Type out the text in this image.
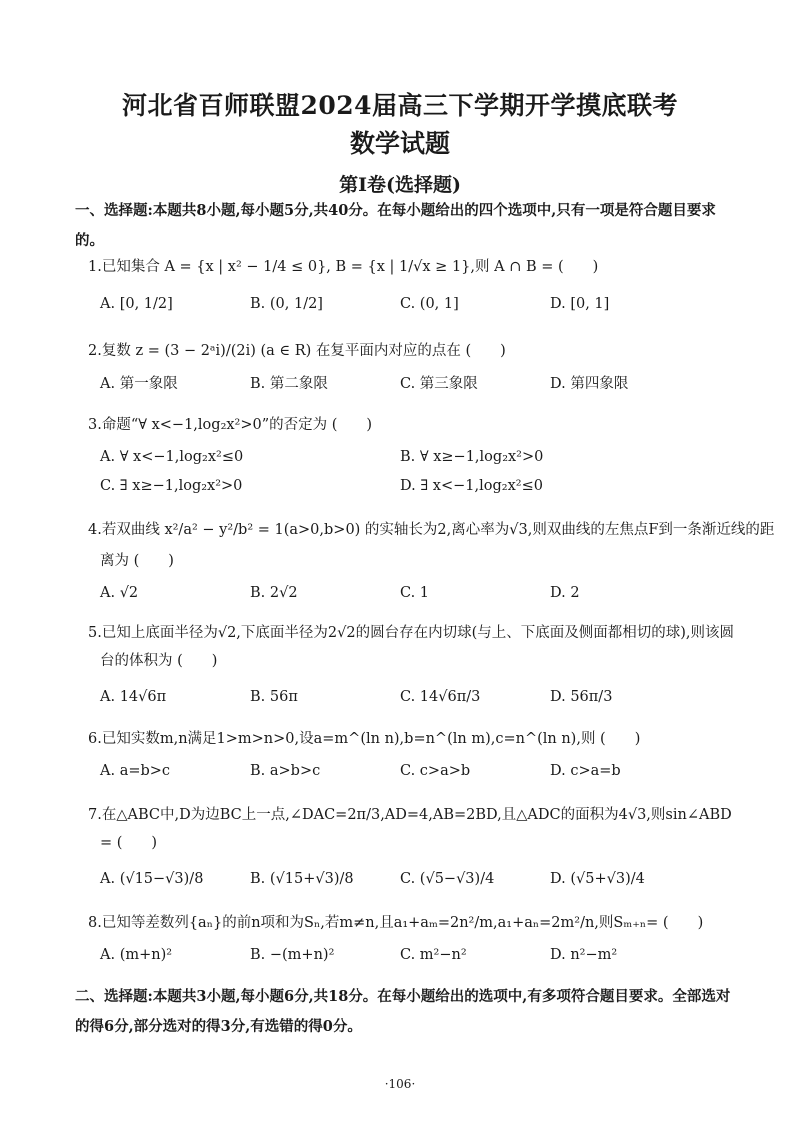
河北省百师联盟2024届高三下学期开学摸底联考
数学试题
第Ⅰ卷(选择题)
一、选择题:本题共8小题,每小题5分,共40分。在每小题给出的四个选项中,只有一项是符合题目要求
的。
1.已知集合 A = {x | x² − 1/4 ≤ 0}, B = {x | 1/√x ≥ 1},则 A ∩ B = (　　)
A. [0, 1/2]	B. (0, 1/2]	C. (0, 1]	D. [0, 1]
2.复数 z = (3 − 2ᵃi)/(2i) (a ∈ R) 在复平面内对应的点在 (　　)
A. 第一象限	B. 第二象限	C. 第三象限	D. 第四象限
3.命题“∀ x<−1,log₂x²>0”的否定为 (　　)
A. ∀ x<−1,log₂x²≤0	B. ∀ x≥−1,log₂x²>0
C. ∃ x≥−1,log₂x²>0	D. ∃ x<−1,log₂x²≤0
4.若双曲线 x²/a² − y²/b² = 1(a>0,b>0) 的实轴长为2,离心率为√3,则双曲线的左焦点F到一条渐近线的距
离为 (　　)
A. √2	B. 2√2	C. 1	D. 2
5.已知上底面半径为√2,下底面半径为2√2的圆台存在内切球(与上、下底面及侧面都相切的球),则该圆
台的体积为 (　　)
A. 14√6π	B. 56π	C. 14√6π/3	D. 56π/3
6.已知实数m,n满足1>m>n>0,设a=m^(ln n),b=n^(ln m),c=n^(ln n),则 (　　)
A. a=b>c	B. a>b>c	C. c>a>b	D. c>a=b
7.在△ABC中,D为边BC上一点,∠DAC=2π/3,AD=4,AB=2BD,且△ADC的面积为4√3,则sin∠ABD
= (　　)
A. (√15−√3)/8	B. (√15+√3)/8	C. (√5−√3)/4	D. (√5+√3)/4
8.已知等差数列{aₙ}的前n项和为Sₙ,若m≠n,且a₁+aₘ=2n²/m,a₁+aₙ=2m²/n,则Sₘ₊ₙ= (　　)
A. (m+n)²	B. −(m+n)²	C. m²−n²	D. n²−m²
二、选择题:本题共3小题,每小题6分,共18分。在每小题给出的选项中,有多项符合题目要求。全部选对
的得6分,部分选对的得3分,有选错的得0分。
·106·
